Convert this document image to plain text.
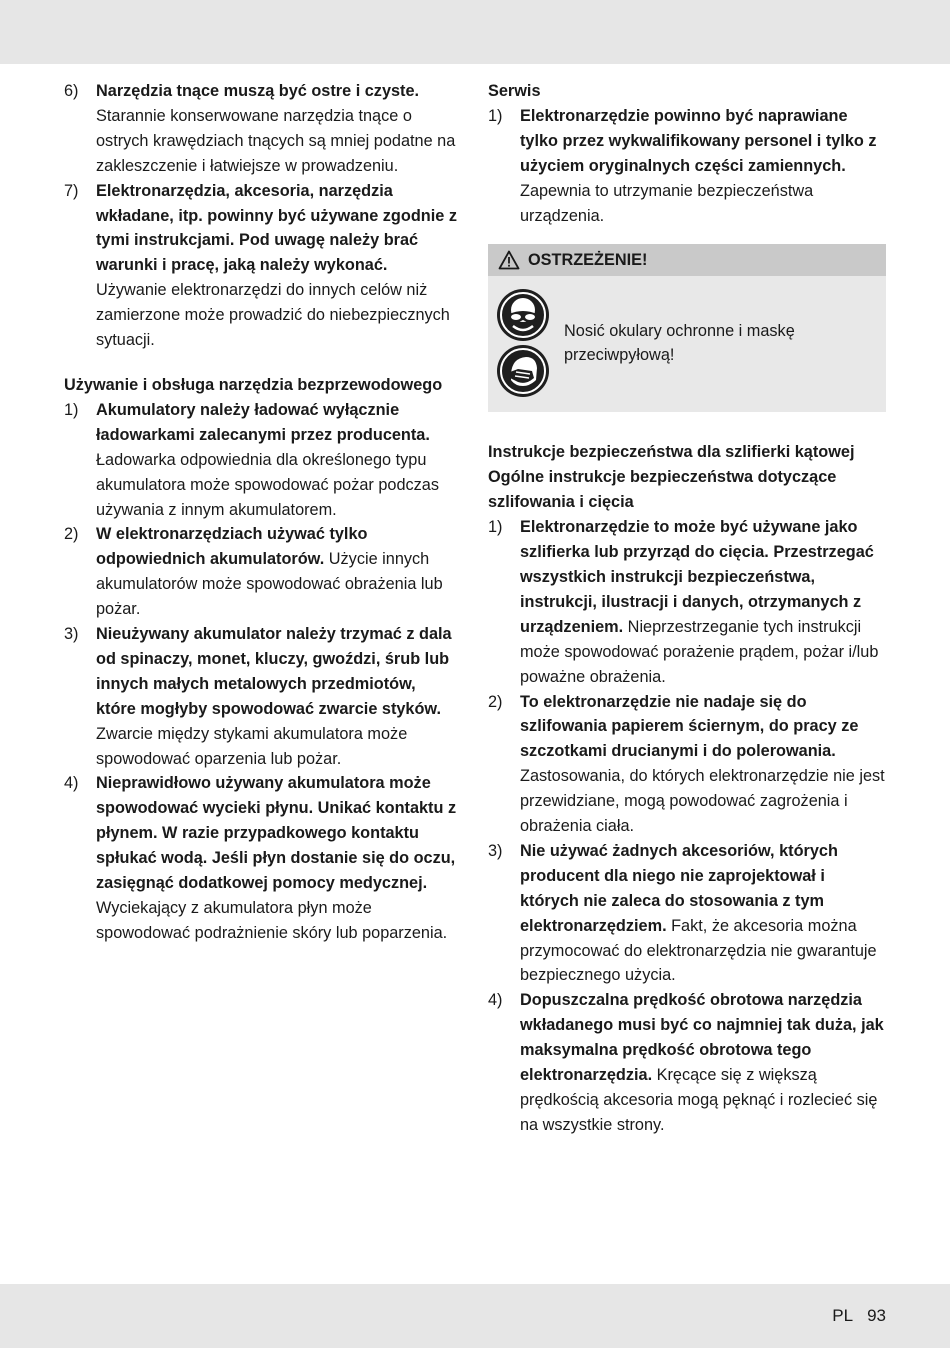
6)	Narzędzia tnące muszą być ostre i czyste. Starannie konserwowane narzędzia tnące o ostrych krawędziach tnących są mniej podatne na zakleszczenie i łatwiejsze w prowadzeniu.
7)	Elektronarzędzia, akcesoria, narzędzia wkładane, itp. powinny być używane zgodnie z tymi instrukcjami. Pod uwagę należy brać warunki i pracę, jaką należy wykonać. Używanie elektronarzędzi do innych celów niż zamierzone może prowadzić do niebezpiecznych sytuacji.
Używanie i obsługa narzędzia bezprzewodowego
1)	Akumulatory należy ładować wyłącznie ładowarkami zalecanymi przez producenta. Ładowarka odpowiednia dla określonego typu akumulatora może spowodować pożar podczas używania z innym akumulatorem.
2)	W elektronarzędziach używać tylko odpowiednich akumulatorów. Użycie innych akumulatorów może spowodować obrażenia lub pożar.
3)	Nieużywany akumulator należy trzymać z dala od spinaczy, monet, kluczy, gwoździ, śrub lub innych małych metalowych przedmiotów, które mogłyby spowodować zwarcie styków. Zwarcie między stykami akumulatora może spowodować oparzenia lub pożar.
4)	Nieprawidłowo używany akumulatora może spowodować wycieki płynu. Unikać kontaktu z płynem. W razie przypadkowego kontaktu spłukać wodą. Jeśli płyn dostanie się do oczu, zasięgnąć dodatkowej pomocy medycznej. Wyciekający z akumulatora płyn może spowodować podrażnienie skóry lub poparzenia.
Serwis
1)	Elektronarzędzie powinno być naprawiane tylko przez wykwalifikowany personel i tylko z użyciem oryginalnych części zamiennych. Zapewnia to utrzymanie bezpieczeństwa urządzenia.
OSTRZEŻENIE!
Nosić okulary ochronne i maskę przeciwpyłową!
Instrukcje bezpieczeństwa dla szlifierki kątowej
Ogólne instrukcje bezpieczeństwa dotyczące szlifowania i cięcia
1)	Elektronarzędzie to może być używane jako szlifierka lub przyrząd do cięcia. Przestrzegać wszystkich instrukcji bezpieczeństwa, instrukcji, ilustracji i danych, otrzymanych z urządzeniem. Nieprzestrzeganie tych instrukcji może spowodować porażenie prądem, pożar i/lub poważne obrażenia.
2)	To elektronarzędzie nie nadaje się do szlifowania papierem ściernym, do pracy ze szczotkami drucianymi i do polerowania. Zastosowania, do których elektronarzędzie nie jest przewidziane, mogą powodować zagrożenia i obrażenia ciała.
3)	Nie używać żadnych akcesoriów, których producent dla niego nie zaprojektował i których nie zaleca do stosowania z tym elektronarzędziem. Fakt, że akcesoria można przymocować do elektronarzędzia nie gwarantuje bezpiecznego użycia.
4)	Dopuszczalna prędkość obrotowa narzędzia wkładanego musi być co najmniej tak duża, jak maksymalna prędkość obrotowa tego elektronarzędzia. Kręcące się z większą prędkością akcesoria mogą pęknąć i rozlecieć się na wszystkie strony.
PL 93
